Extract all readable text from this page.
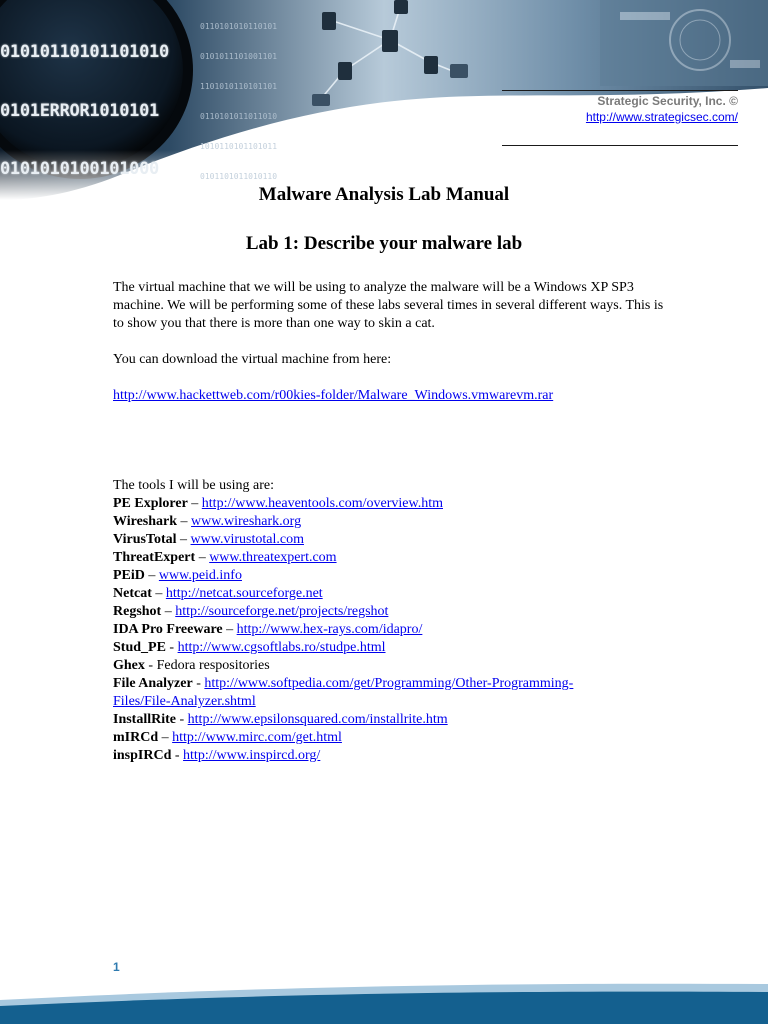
01010110101101010

0101ERROR1010101

0101010100101000

0110101010110101

0101011101001101

1101010110101101

0110101011011010

1010110101101011

0101101011010110

Strategic Security, Inc. ©
http://www.strategicsec.com/
Malware Analysis Lab Manual
Lab 1: Describe your malware lab

The virtual machine that we will be using to analyze the malware will be a Windows XP SP3 machine. We will be performing some of these labs several times in several different ways. This is to show you that there is more than one way to skin a cat.

You can download the virtual machine from here:

http://www.hackettweb.com/r00kies-folder/Malware_Windows.vmwarevm.rar

The tools I will be using are:

PE Explorer – http://www.heaventools.com/overview.htm
Wireshark – www.wireshark.org
VirusTotal – www.virustotal.com
ThreatExpert – www.threatexpert.com
PEiD – www.peid.info
Netcat – http://netcat.sourceforge.net
Regshot – http://sourceforge.net/projects/regshot
IDA Pro Freeware – http://www.hex-rays.com/idapro/
Stud_PE - http://www.cgsoftlabs.ro/studpe.html
Ghex - Fedora respositories
File Analyzer - http://www.softpedia.com/get/Programming/Other-Programming-
Files/File-Analyzer.shtml
InstallRite - http://www.epsilonsquared.com/installrite.htm
mIRCd – http://www.mirc.com/get.html
inspIRCd - http://www.inspircd.org/
1
